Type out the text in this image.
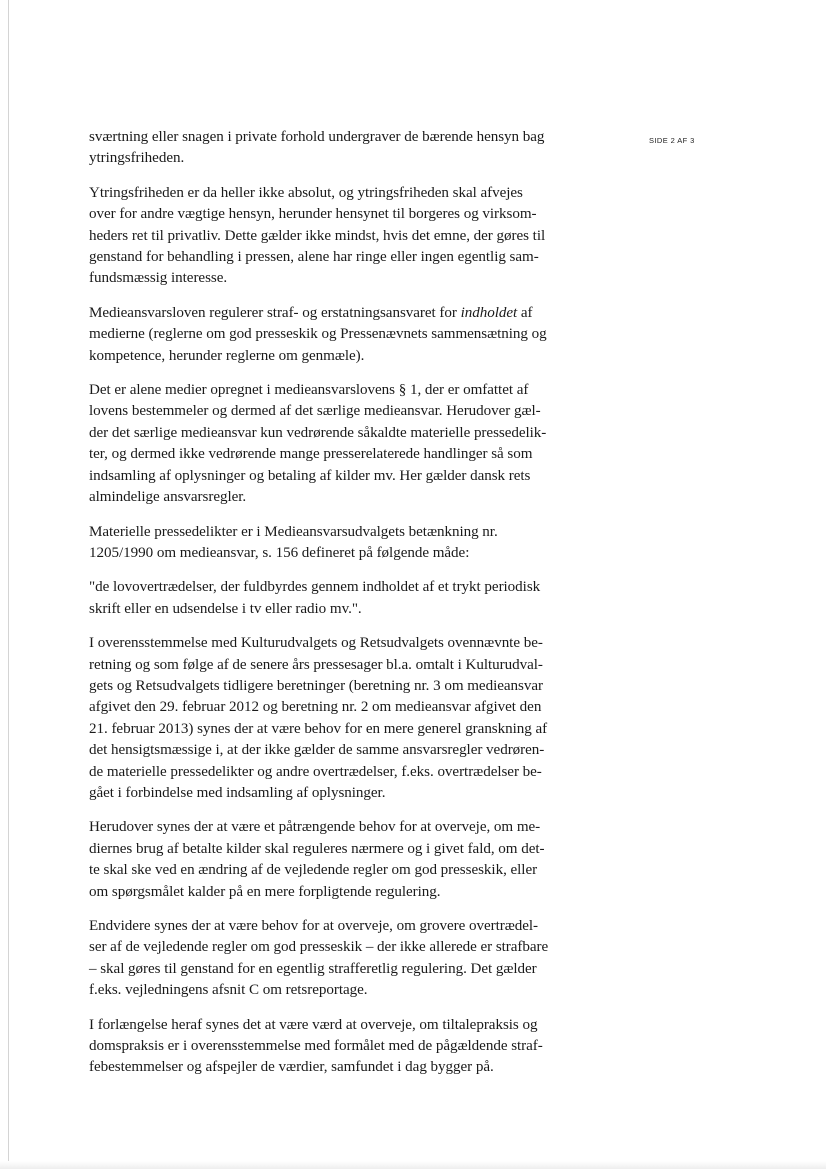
SIDE 2 AF 3

sværtning eller snagen i private forhold undergraver de bærende hensyn bag
ytringsfriheden.

Ytringsfriheden er da heller ikke absolut, og ytringsfriheden skal afvejes
over for andre vægtige hensyn, herunder hensynet til borgeres og virksom-
heders ret til privatliv. Dette gælder ikke mindst, hvis det emne, der gøres til
genstand for behandling i pressen, alene har ringe eller ingen egentlig sam-
fundsmæssig interesse.

Medieansvarsloven regulerer straf- og erstatningsansvaret for indholdet af
medierne (reglerne om god presseskik og Pressenævnets sammensætning og
kompetence, herunder reglerne om genmæle).

Det er alene medier opregnet i medieansvarslovens § 1, der er omfattet af
lovens bestemmeler og dermed af det særlige medieansvar. Herudover gæl-
der det særlige medieansvar kun vedrørende såkaldte materielle pressedelik-
ter, og dermed ikke vedrørende mange presserelaterede handlinger så som
indsamling af oplysninger og betaling af kilder mv. Her gælder dansk rets
almindelige ansvarsregler.

Materielle pressedelikter er i Medieansvarsudvalgets betænkning nr.
1205/1990 om medieansvar, s. 156 defineret på følgende måde:

"de lovovertrædelser, der fuldbyrdes gennem indholdet af et trykt periodisk
skrift eller en udsendelse i tv eller radio mv.".

I overensstemmelse med Kulturudvalgets og Retsudvalgets ovennævnte be-
retning og som følge af de senere års pressesager bl.a. omtalt i Kulturudval-
gets og Retsudvalgets tidligere beretninger (beretning nr. 3 om medieansvar
afgivet den 29. februar 2012 og beretning nr. 2 om medieansvar afgivet den
21. februar 2013) synes der at være behov for en mere generel granskning af
det hensigtsmæssige i, at der ikke gælder de samme ansvarsregler vedrøren-
de materielle pressedelikter og andre overtrædelser, f.eks. overtrædelser be-
gået i forbindelse med indsamling af oplysninger.

Herudover synes der at være et påtrængende behov for at overveje, om me-
diernes brug af betalte kilder skal reguleres nærmere og i givet fald, om det-
te skal ske ved en ændring af de vejledende regler om god presseskik, eller
om spørgsmålet kalder på en mere forpligtende regulering.

Endvidere synes der at være behov for at overveje, om grovere overtrædel-
ser af de vejledende regler om god presseskik – der ikke allerede er strafbare
– skal gøres til genstand for en egentlig strafferetlig regulering. Det gælder
f.eks. vejledningens afsnit C om retsreportage.

I forlængelse heraf synes det at være værd at overveje, om tiltalepraksis og
domspraksis er i overensstemmelse med formålet med de pågældende straf-
febestemmelser og afspejler de værdier, samfundet i dag bygger på.
